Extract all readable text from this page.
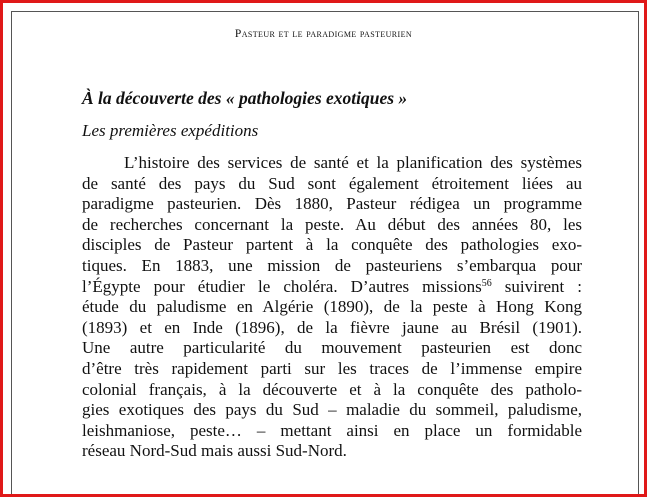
Pasteur et le paradigme pasteurien
À la découverte des « pathologies exotiques »
Les premières expéditions
L’histoire des services de santé et la planification des systèmes
de santé des pays du Sud sont également étroitement liées au
paradigme pasteurien. Dès 1880, Pasteur rédigea un programme
de recherches concernant la peste. Au début des années 80, les
disciples de Pasteur partent à la conquête des pathologies exo-
tiques. En 1883, une mission de pasteuriens s’embarqua pour
l’Égypte pour étudier le choléra. D’autres missions$^{56}$ suivirent :
étude du paludisme en Algérie (1890), de la peste à Hong Kong
(1893) et en Inde (1896), de la fièvre jaune au Brésil (1901).
Une autre particularité du mouvement pasteurien est donc
d’être très rapidement parti sur les traces de l’immense empire
colonial français, à la découverte et à la conquête des patholo-
gies exotiques des pays du Sud – maladie du sommeil, paludisme,
leishmaniose, peste… – mettant ainsi en place un formidable
réseau Nord-Sud mais aussi Sud-Nord.
